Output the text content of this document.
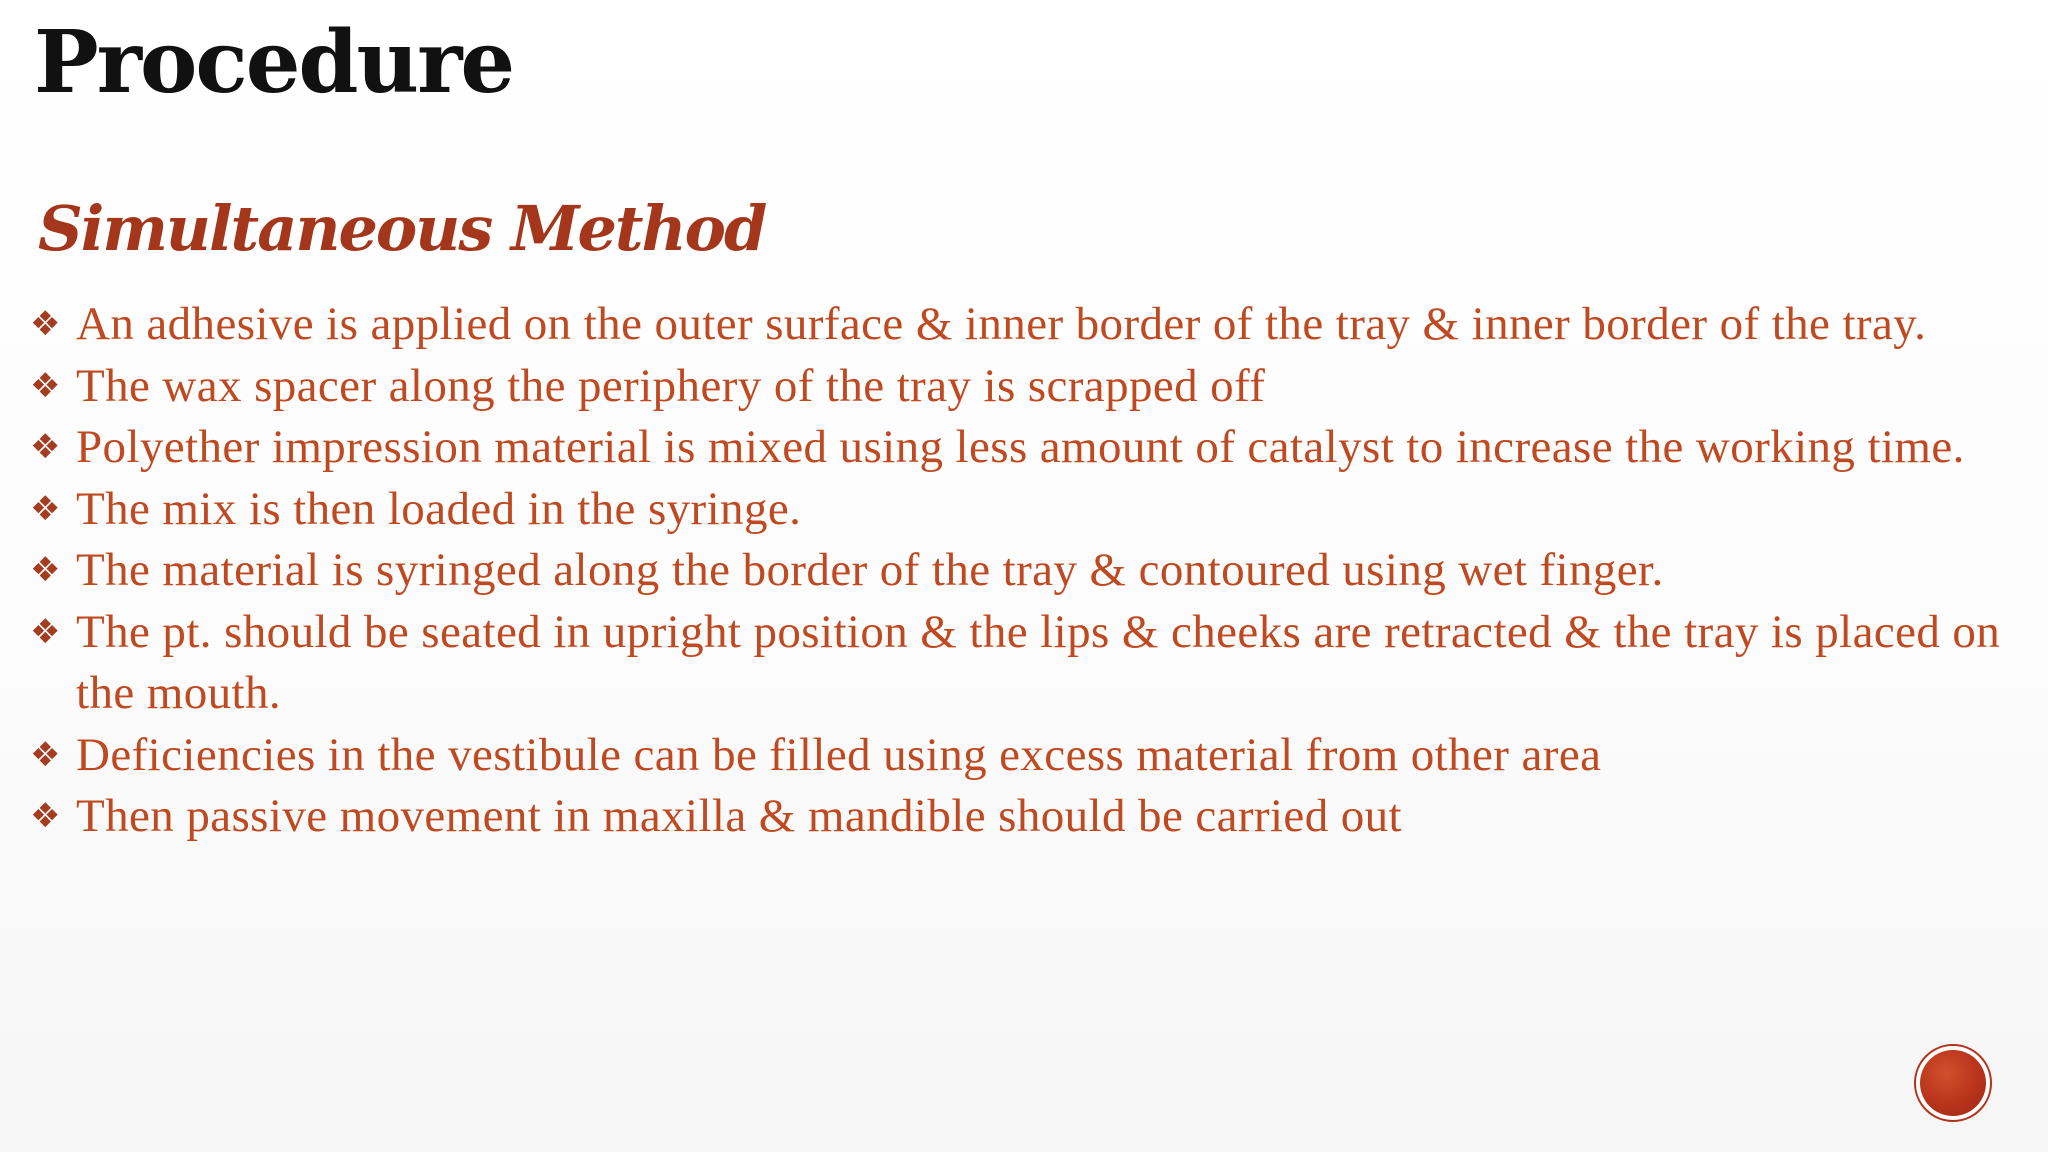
Procedure
Simultaneous Method
❖ An adhesive is applied on the outer surface & inner border of the tray & inner border of the tray.
❖ The wax spacer along the periphery of the tray is scrapped off
❖ Polyether impression material is mixed using less amount of catalyst to increase the working time.
❖ The mix is then loaded in the syringe.
❖ The material is syringed along the border of the tray & contoured using wet finger.
❖ The pt. should be seated in upright position & the lips & cheeks are retracted & the tray is placed on the mouth.
❖ Deficiencies in the vestibule can be filled using excess material from other area
❖ Then passive movement in maxilla & mandible should be carried out
